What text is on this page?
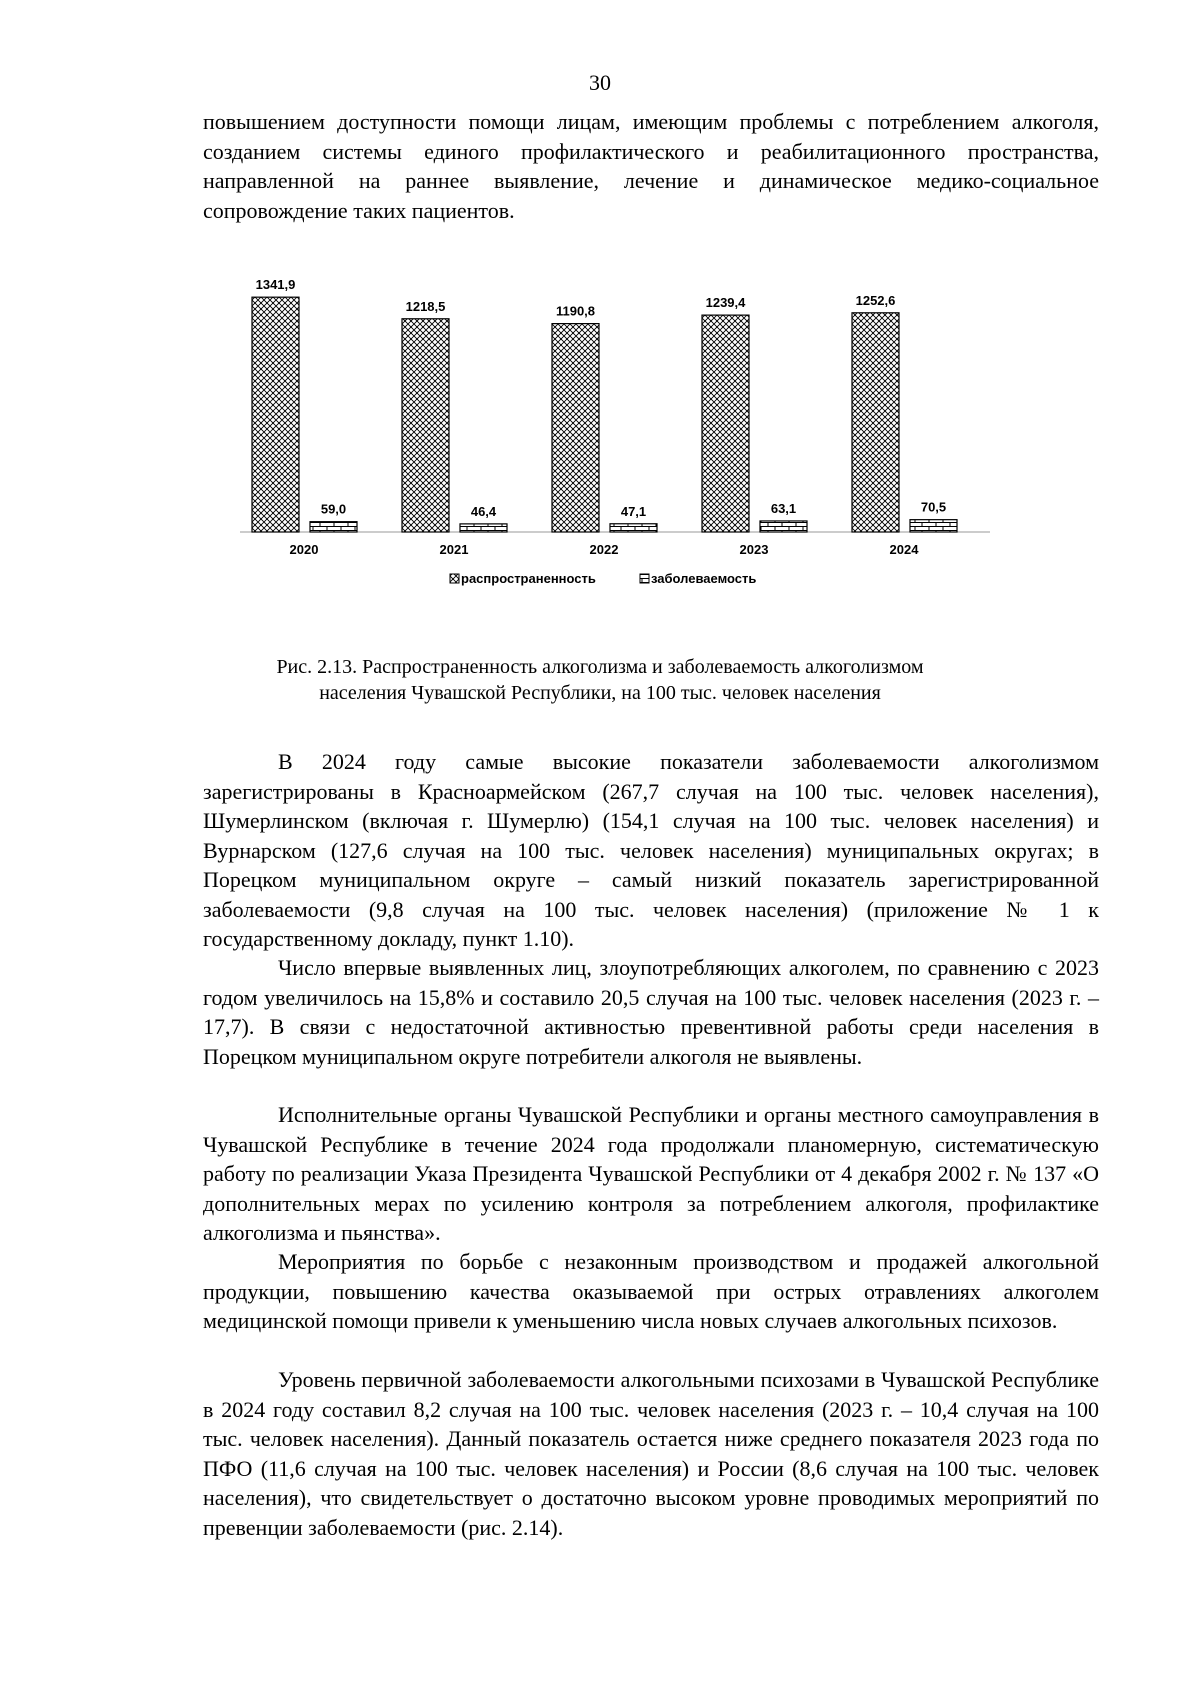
30

повышением доступности помощи лицам, имеющим проблемы с потреблением алкоголя, созданием системы единого профилактического и реабилитационного пространства, направленной на раннее выявление, лечение и динамическое медико-социальное сопровождение таких пациентов.

1341,9
59,0
2020
1218,5
46,4
2021
1190,8
47,1
2022
1239,4
63,1
2023
1252,6
70,5
2024
распространенность	заболеваемость
Рис. 2.13. Распространенность алкоголизма и заболеваемость алкоголизмом
населения Чувашской Республики, на 100 тыс. человек населения

В 2024 году самые высокие показатели заболеваемости алкоголизмом зарегистрированы в Красноармейском (267,7 случая на 100 тыс. человек населения), Шумерлинском (включая г. Шумерлю) (154,1 случая на 100 тыс. человек населения) и Вурнарском (127,6 случая на 100 тыс. человек населения) муниципальных округах; в Порецком муниципальном округе – самый низкий показатель зарегистрированной заболеваемости (9,8 случая на 100 тыс. человек населения) (приложение № 1 к государственному докладу, пункт 1.10).

Число впервые выявленных лиц, злоупотребляющих алкоголем, по сравнению с 2023 годом увеличилось на 15,8% и составило 20,5 случая на 100 тыс. человек населения (2023 г. – 17,7). В связи с недостаточной активностью превентивной работы среди населения в Порецком муниципальном округе потребители алкоголя не выявлены.

Исполнительные органы Чувашской Республики и органы местного самоуправления в Чувашской Республике в течение 2024 года продолжали планомерную, систематическую работу по реализации Указа Президента Чувашской Республики от 4 декабря 2002 г. № 137 «О дополнительных мерах по усилению контроля за потреблением алкоголя, профилактике алкоголизма и пьянства».

Мероприятия по борьбе с незаконным производством и продажей алкогольной продукции, повышению качества оказываемой при острых отравлениях алкоголем медицинской помощи привели к уменьшению числа новых случаев алкогольных психозов.

Уровень первичной заболеваемости алкогольными психозами в Чувашской Республике в 2024 году составил 8,2 случая на 100 тыс. человек населения (2023 г. – 10,4 случая на 100 тыс. человек населения). Данный показатель остается ниже среднего показателя 2023 года по ПФО (11,6 случая на 100 тыс. человек населения) и России (8,6 случая на 100 тыс. человек населения), что свидетельствует о достаточно высоком уровне проводимых мероприятий по превенции заболеваемости (рис. 2.14).
